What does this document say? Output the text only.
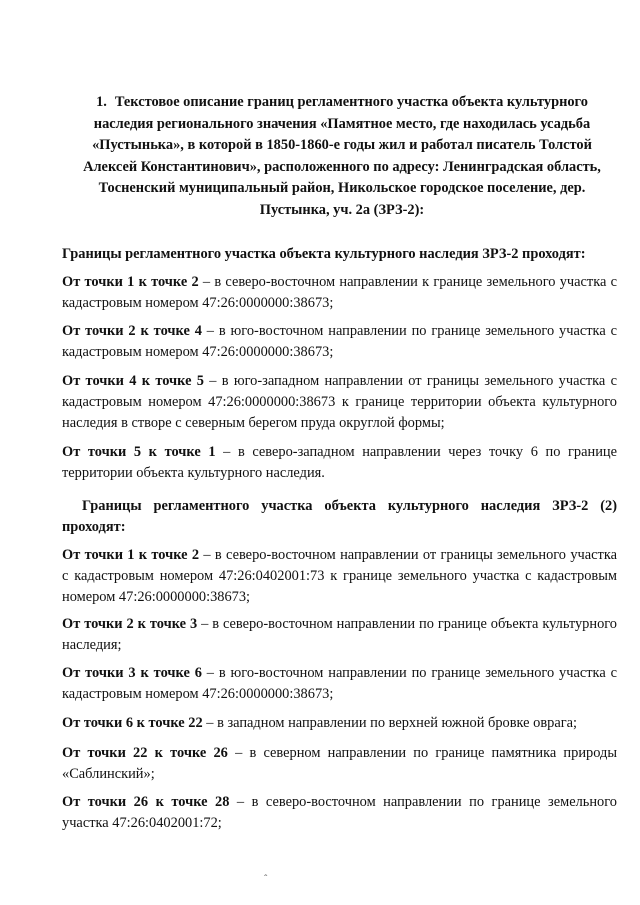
1. Текстовое описание границ регламентного участка объекта культурного наследия регионального значения «Памятное место, где находилась усадьба «Пустынька», в которой в 1850-1860-е годы жил и работал писатель Толстой Алексей Константинович», расположенного по адресу: Ленинградская область, Тосненский муниципальный район, Никольское городское поселение, дер. Пустынка, уч. 2а (ЗРЗ-2):
Границы регламентного участка объекта культурного наследия ЗРЗ-2 проходят:

От точки 1 к точке 2 – в северо-восточном направлении к границе земельного участка с кадастровым номером 47:26:0000000:38673;

От точки 2 к точке 4 – в юго-восточном направлении по границе земельного участка с кадастровым номером 47:26:0000000:38673;

От точки 4 к точке 5 – в юго-западном направлении от границы земельного участка с кадастровым номером 47:26:0000000:38673 к границе территории объекта культурного наследия в створе с северным берегом пруда округлой формы;

От точки 5 к точке 1 – в северо-западном направлении через точку 6 по границе территории объекта культурного наследия.

Границы регламентного участка объекта культурного наследия ЗРЗ-2 (2) проходят:

От точки 1 к точке 2 – в северо-восточном направлении от границы земельного участка с кадастровым номером 47:26:0402001:73 к границе земельного участка с кадастровым номером 47:26:0000000:38673;

От точки 2 к точке 3 – в северо-восточном направлении по границе объекта культурного наследия;

От точки 3 к точке 6 – в юго-восточном направлении по границе земельного участка с кадастровым номером 47:26:0000000:38673;

От точки 6 к точке 22 – в западном направлении по верхней южной бровке оврага;

От точки 22 к точке 26 – в северном направлении по границе памятника природы «Саблинский»;

От точки 26 к точке 28 – в северо-восточном направлении по границе земельного участка 47:26:0402001:72;

ˆ
